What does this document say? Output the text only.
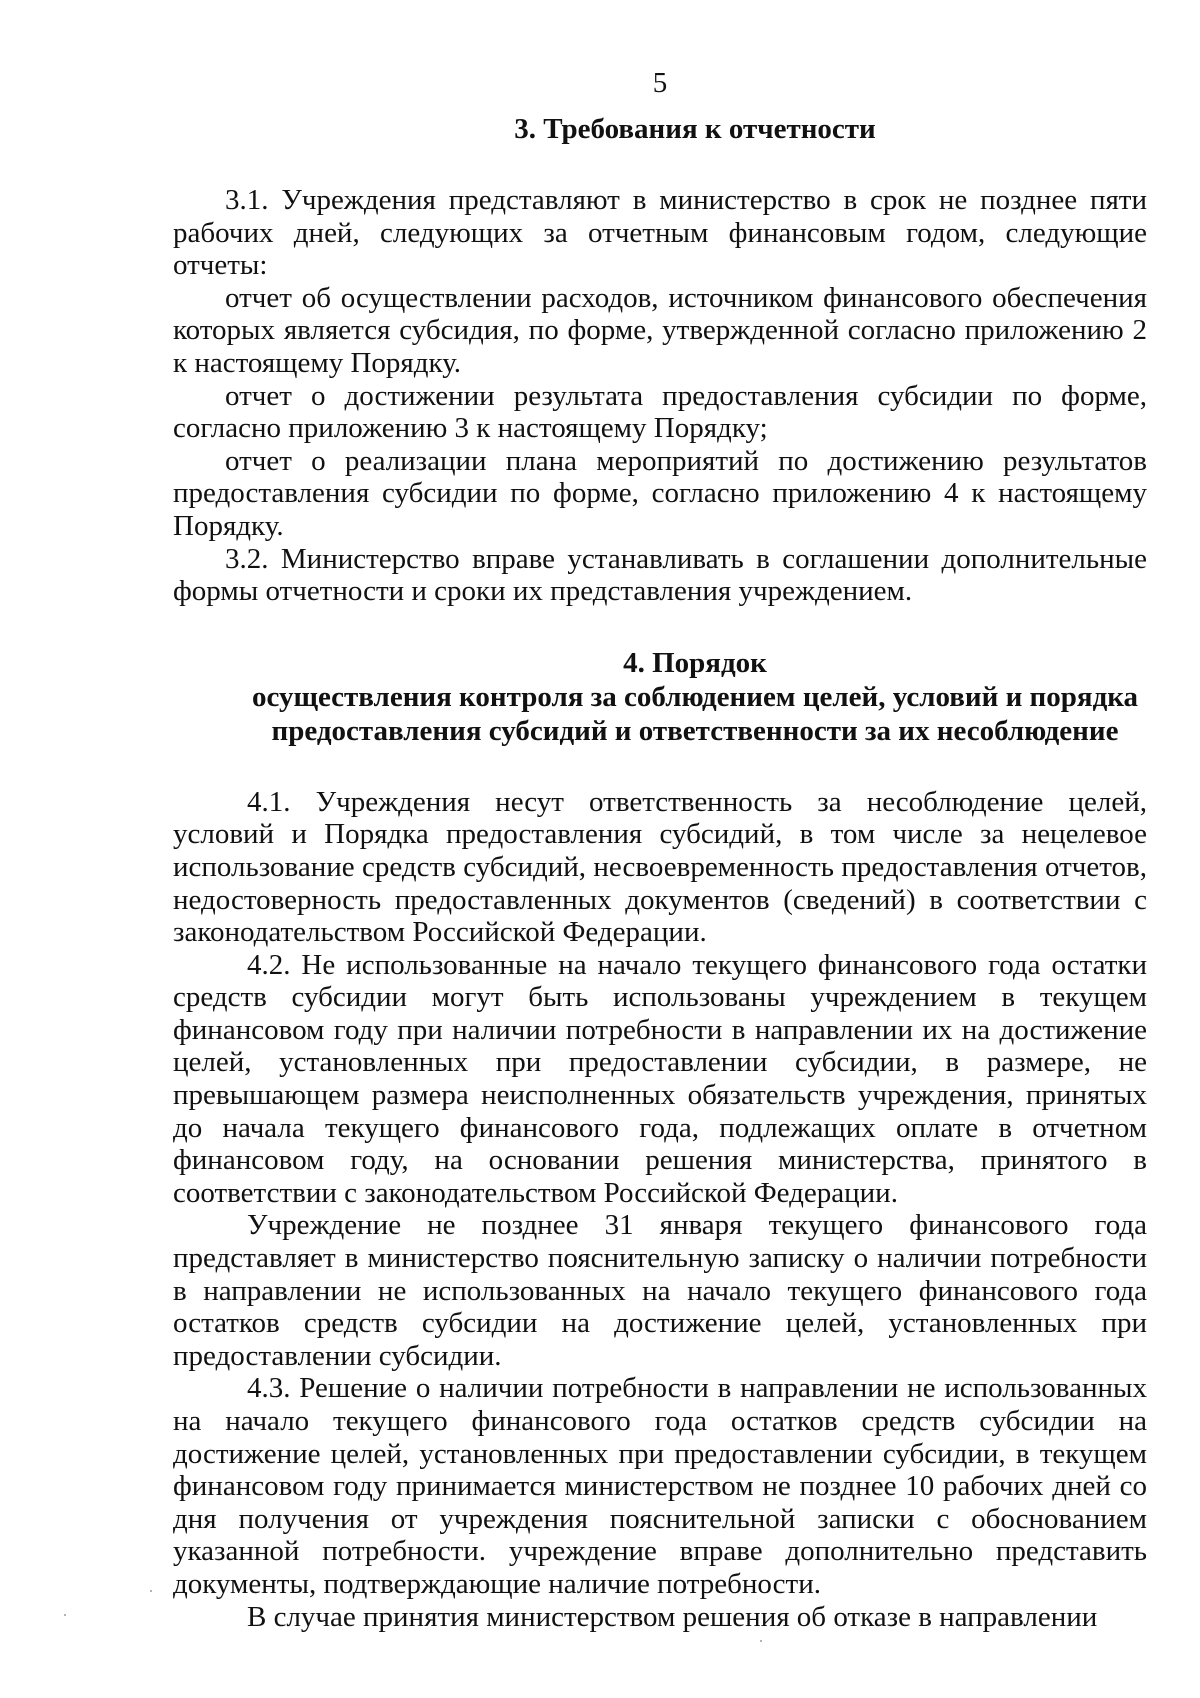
5
3. Требования к отчетности

3.1. Учреждения представляют в министерство в срок не позднее пяти рабочих дней, следующих за отчетным финансовым годом, следующие отчеты:

отчет об осуществлении расходов, источником финансового обеспечения которых является субсидия, по форме, утвержденной согласно приложению 2 к настоящему Порядку.

отчет о достижении результата предоставления субсидии по форме, согласно приложению 3 к настоящему Порядку;

отчет о реализации плана мероприятий по достижению результатов предоставления субсидии по форме, согласно приложению 4 к настоящему Порядку.

3.2. Министерство вправе устанавливать в соглашении дополнительные формы отчетности и сроки их представления учреждением.

4. Порядок
осуществления контроля за соблюдением целей, условий и порядка
предоставления субсидий и ответственности за их несоблюдение

4.1. Учреждения несут ответственность за несоблюдение целей, условий и Порядка предоставления субсидий, в том числе за нецелевое использование средств субсидий, несвоевременность предоставления отчетов, недостоверность предоставленных документов (сведений) в соответствии с законодательством Российской Федерации.

4.2. Не использованные на начало текущего финансового года остатки средств субсидии могут быть использованы учреждением в текущем финансовом году при наличии потребности в направлении их на достижение целей, установленных при предоставлении субсидии, в размере, не превышающем размера неисполненных обязательств учреждения, принятых до начала текущего финансового года, подлежащих оплате в отчетном финансовом году, на основании решения министерства, принятого в соответствии с законодательством Российской Федерации.

Учреждение не позднее 31 января текущего финансового года представляет в министерство пояснительную записку о наличии потребности в направлении не использованных на начало текущего финансового года остатков средств субсидии на достижение целей, установленных при предоставлении субсидии.

4.3. Решение о наличии потребности в направлении не использованных на начало текущего финансового года остатков средств субсидии на достижение целей, установленных при предоставлении субсидии, в текущем финансовом году принимается министерством не позднее 10 рабочих дней со дня получения от учреждения пояснительной записки с обоснованием указанной потребности. учреждение вправе дополнительно представить документы, подтверждающие наличие потребности.

В случае принятия министерством решения об отказе в направлении
